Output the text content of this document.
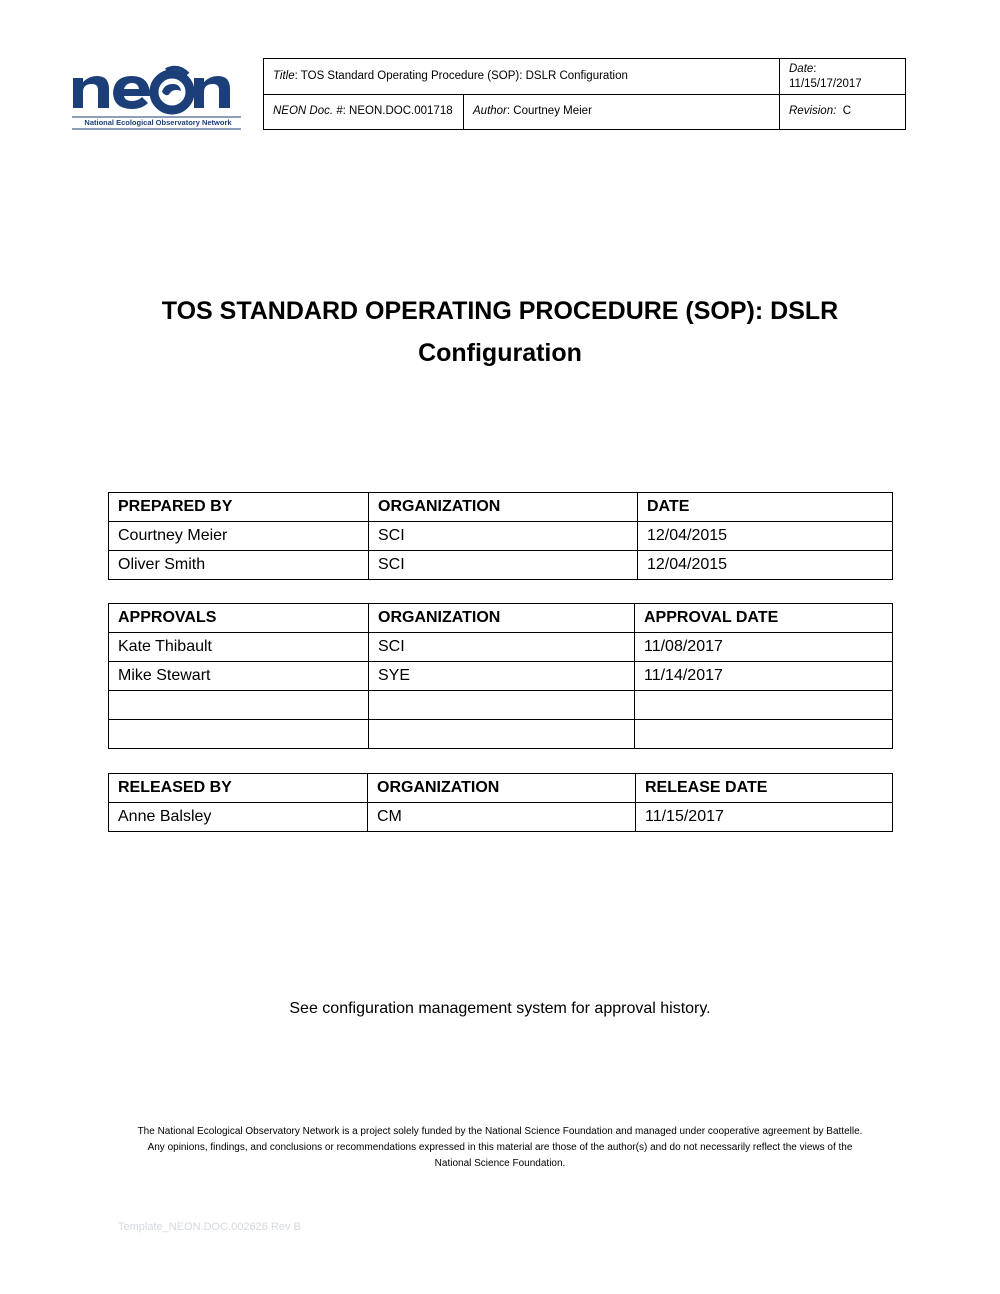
National Ecological Observatory Network
Title: TOS Standard Operating Procedure (SOP): DSLR Configuration
Date:
11/15/17/2017
NEON Doc. #: NEON.DOC.001718 Author: Courtney Meier	Revision: C
TOS STANDARD OPERATING PROCEDURE (SOP): DSLR
Configuration
PREPARED BY	ORGANIZATION	DATE
Courtney Meier	SCI	12/04/2015
Oliver Smith	SCI	12/04/2015
APPROVALS	ORGANIZATION	APPROVAL DATE
Kate Thibault	SCI	11/08/2017
Mike Stewart	SYE	11/14/2017

RELEASED BY	ORGANIZATION	RELEASE DATE
Anne Balsley	CM	11/15/2017
See configuration management system for approval history.
The National Ecological Observatory Network is a project solely funded by the National Science Foundation and managed under cooperative agreement by Battelle.
Any opinions, findings, and conclusions or recommendations expressed in this material are those of the author(s) and do not necessarily reflect the views of the
National Science Foundation.
Template_NEON.DOC.002626 Rev B
